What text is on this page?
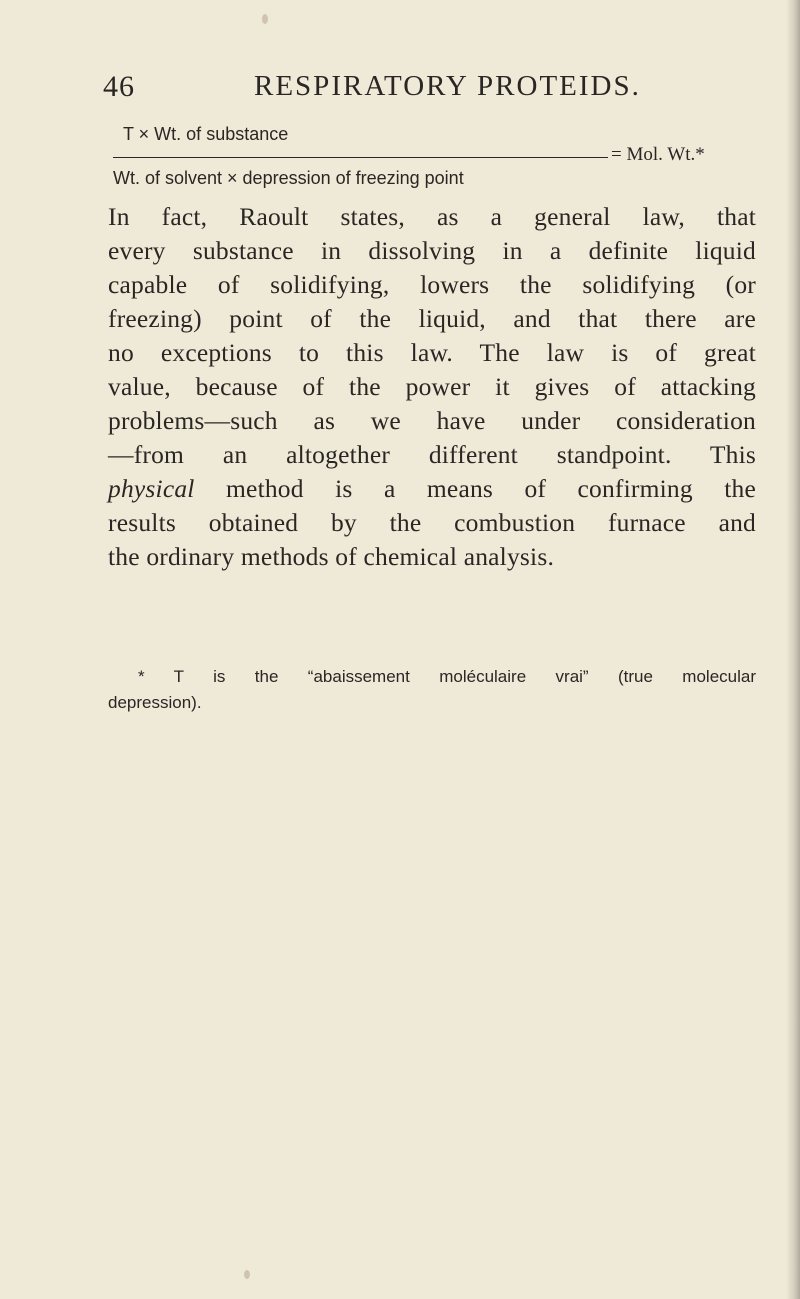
46	RESPIRATORY PROTEIDS.
T × Wt. of substance
= Mol. Wt.*
Wt. of solvent × depression of freezing point
In fact, Raoult states, as a general law, that
every substance in dissolving in a definite liquid
capable of solidifying, lowers the solidifying (or
freezing) point of the liquid, and that there are
no exceptions to this law. The law is of great
value, because of the power it gives of attacking
problems—such as we have under consideration
—from an altogether different standpoint. This
physical method is a means of confirming the
results obtained by the combustion furnace and
the ordinary methods of chemical analysis.
* T is the “abaissement moléculaire vrai” (true molecular
depression).
